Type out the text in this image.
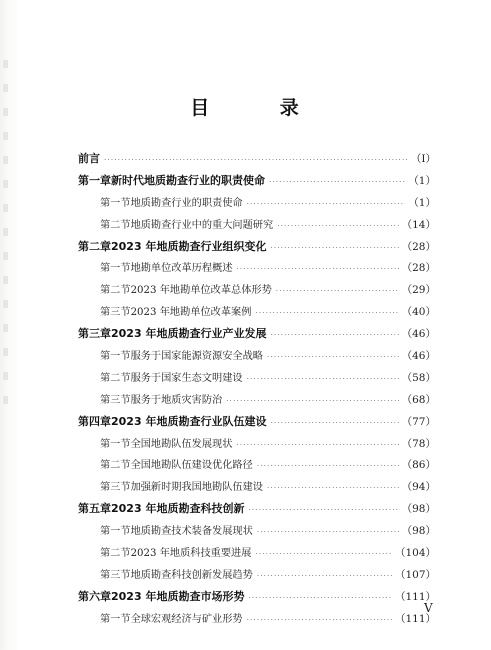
目 录
前言 ·····	（Ⅰ）
第一章 新时代地质勘查行业的职责使命 ·····	（1）
第一节 地质勘查行业的职责使命 ·····	（1）
第二节 地质勘查行业中的重大问题研究 ·····	（14）
第二章 2023 年地质勘查行业组织变化 ·····	（28）
第一节 地勘单位改革历程概述 ·····	（28）
第二节 2023 年地勘单位改革总体形势 ·····	（29）
第三节 2023 年地勘单位改革案例 ·····	（40）
第三章 2023 年地质勘查行业产业发展 ·····	（46）
第一节 服务于国家能源资源安全战略 ·····	（46）
第二节 服务于国家生态文明建设 ·····	（58）
第三节 服务于地质灾害防治 ·····	（68）
第四章 2023 年地质勘查行业队伍建设 ·····	（77）
第一节 全国地勘队伍发展现状 ·····	（78）
第二节 全国地勘队伍建设优化路径 ·····	（86）
第三节 加强新时期我国地勘队伍建设 ·····	（94）
第五章 2023 年地质勘查科技创新 ·····	（98）
第一节 地质勘查技术装备发展现状 ·····	（98）
第二节 2023 年地质科技重要进展 ·····	（104）
第三节 地质勘查科技创新发展趋势 ·····	（107）
第六章 2023 年地质勘查市场形势 ·····	（111）
第一节 全球宏观经济与矿业形势 ·····	（111）
Ⅴ
